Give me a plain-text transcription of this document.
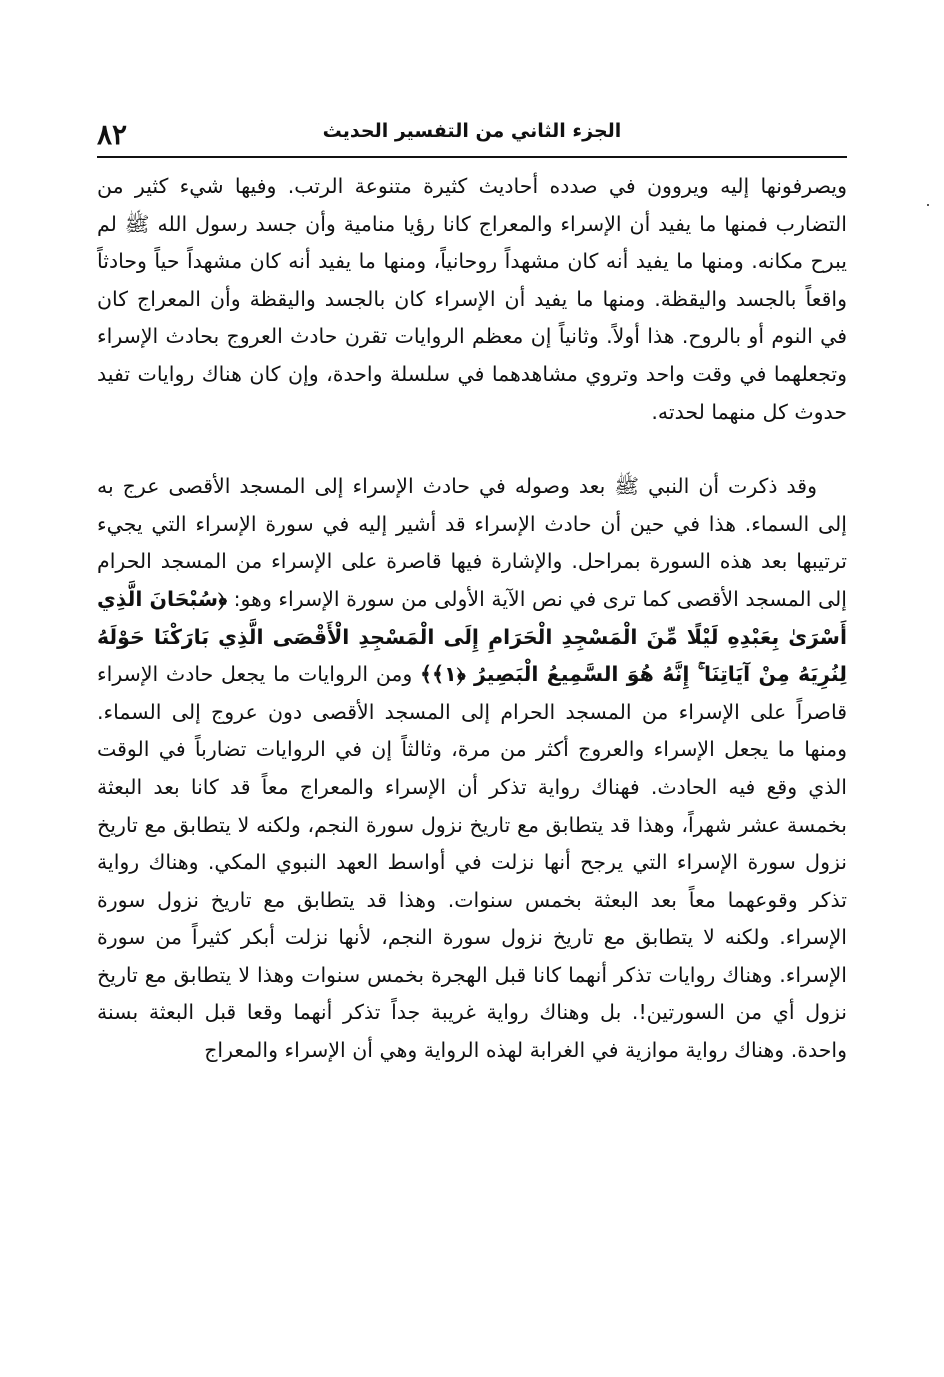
٨٢	الجزء الثاني من التفسير الحديث

ويصرفونها إليه ويروون في صدده أحاديث كثيرة متنوعة الرتب. وفيها شيء كثير من التضارب فمنها ما يفيد أن الإسراء والمعراج كانا رؤيا منامية وأن جسد رسول الله ﷺ لم يبرح مكانه. ومنها ما يفيد أنه كان مشهداً روحانياً، ومنها ما يفيد أنه كان مشهداً حياً وحادثاً واقعاً بالجسد واليقظة. ومنها ما يفيد أن الإسراء كان بالجسد واليقظة وأن المعراج كان في النوم أو بالروح. هذا أولاً. وثانياً إن معظم الروايات تقرن حادث العروج بحادث الإسراء وتجعلهما في وقت واحد وتروي مشاهدهما في سلسلة واحدة، وإن كان هناك روايات تفيد حدوث كل منهما لحدته.

وقد ذكرت أن النبي ﷺ بعد وصوله في حادث الإسراء إلى المسجد الأقصى عرج به إلى السماء. هذا في حين أن حادث الإسراء قد أشير إليه في سورة الإسراء التي يجيء ترتيبها بعد هذه السورة بمراحل. والإشارة فيها قاصرة على الإسراء من المسجد الحرام إلى المسجد الأقصى كما ترى في نص الآية الأولى من سورة الإسراء وهو: ﴿سُبْحَانَ الَّذِي أَسْرَىٰ بِعَبْدِهِ لَيْلًا مِّنَ الْمَسْجِدِ الْحَرَامِ إِلَى الْمَسْجِدِ الْأَقْصَى الَّذِي بَارَكْنَا حَوْلَهُ لِنُرِيَهُ مِنْ آيَاتِنَا ۚ إِنَّهُ هُوَ السَّمِيعُ الْبَصِيرُ ﴿١﴾﴾ ومن الروايات ما يجعل حادث الإسراء قاصراً على الإسراء من المسجد الحرام إلى المسجد الأقصى دون عروج إلى السماء. ومنها ما يجعل الإسراء والعروج أكثر من مرة، وثالثاً إن في الروايات تضارباً في الوقت الذي وقع فيه الحادث. فهناك رواية تذكر أن الإسراء والمعراج معاً قد كانا بعد البعثة بخمسة عشر شهراً، وهذا قد يتطابق مع تاريخ نزول سورة النجم، ولكنه لا يتطابق مع تاريخ نزول سورة الإسراء التي يرجح أنها نزلت في أواسط العهد النبوي المكي. وهناك رواية تذكر وقوعهما معاً بعد البعثة بخمس سنوات. وهذا قد يتطابق مع تاريخ نزول سورة الإسراء. ولكنه لا يتطابق مع تاريخ نزول سورة النجم، لأنها نزلت أبكر كثيراً من سورة الإسراء. وهناك روايات تذكر أنهما كانا قبل الهجرة بخمس سنوات وهذا لا يتطابق مع تاريخ نزول أي من السورتين!. بل وهناك رواية غريبة جداً تذكر أنهما وقعا قبل البعثة بسنة واحدة. وهناك رواية موازية في الغرابة لهذه الرواية وهي أن الإسراء والمعراج
